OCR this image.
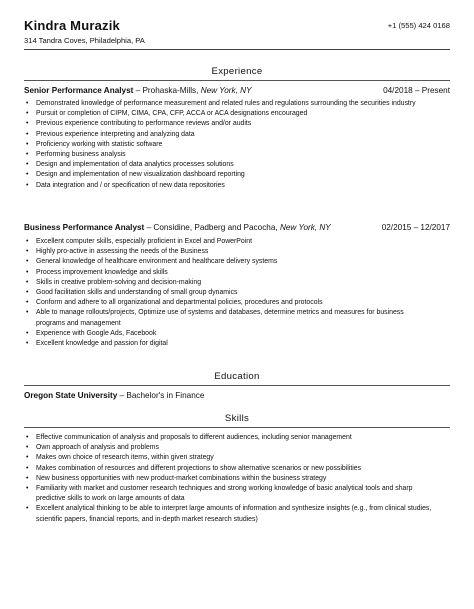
Kindra Murazik
314 Tandra Coves, Philadelphia, PA
+1 (555) 424 0168
Experience
Senior Performance Analyst – Prohaska-Mills, New York, NY	04/2018 – Present
• Demonstrated knowledge of performance measurement and related rules and regulations surrounding the securities industry
• Pursuit or completion of CIPM, CIMA, CPA, CFP, ACCA or ACA designations encouraged
• Previous experience contributing to performance reviews and/or audits
• Previous experience interpreting and analyzing data
• Proficiency working with statistic software
• Performing business analysis
• Design and implementation of data analytics processes solutions
• Design and implementation of new visualization dashboard reporting
• Data integration and / or specification of new data repositories
Business Performance Analyst – Considine, Padberg and Pacocha, New York, NY	02/2015 – 12/2017
• Excellent computer skills, especially proficient in Excel and PowerPoint
• Highly pro-active in assessing the needs of the Business
• General knowledge of healthcare environment and healthcare delivery systems
• Process improvement knowledge and skills
• Skills in creative problem-solving and decision-making
• Good facilitation skills and understanding of small group dynamics
• Conform and adhere to all organizational and departmental policies, procedures and protocols
• Able to manage rollouts/projects, Optimize use of systems and databases, determine metrics and measures for business programs and management
• Experience with Google Ads, Facebook
• Excellent knowledge and passion for digital
Education
Oregon State University – Bachelor's in Finance
Skills
• Effective communication of analysis and proposals to different audiences, including senior management
• Own approach of analysis and problems
• Makes own choice of research items, within given strategy
• Makes combination of resources and different projections to show alternative scenarios or new possibilities
• New business opportunities with new product-market combinations within the business strategy
• Familiarity with market and customer research techniques and strong working knowledge of basic analytical tools and sharp predictive skills to work on large amounts of data
• Excellent analytical thinking to be able to interpret large amounts of information and synthesize insights (e.g., from clinical studies, scientific papers, financial reports, and in-depth market research studies)
